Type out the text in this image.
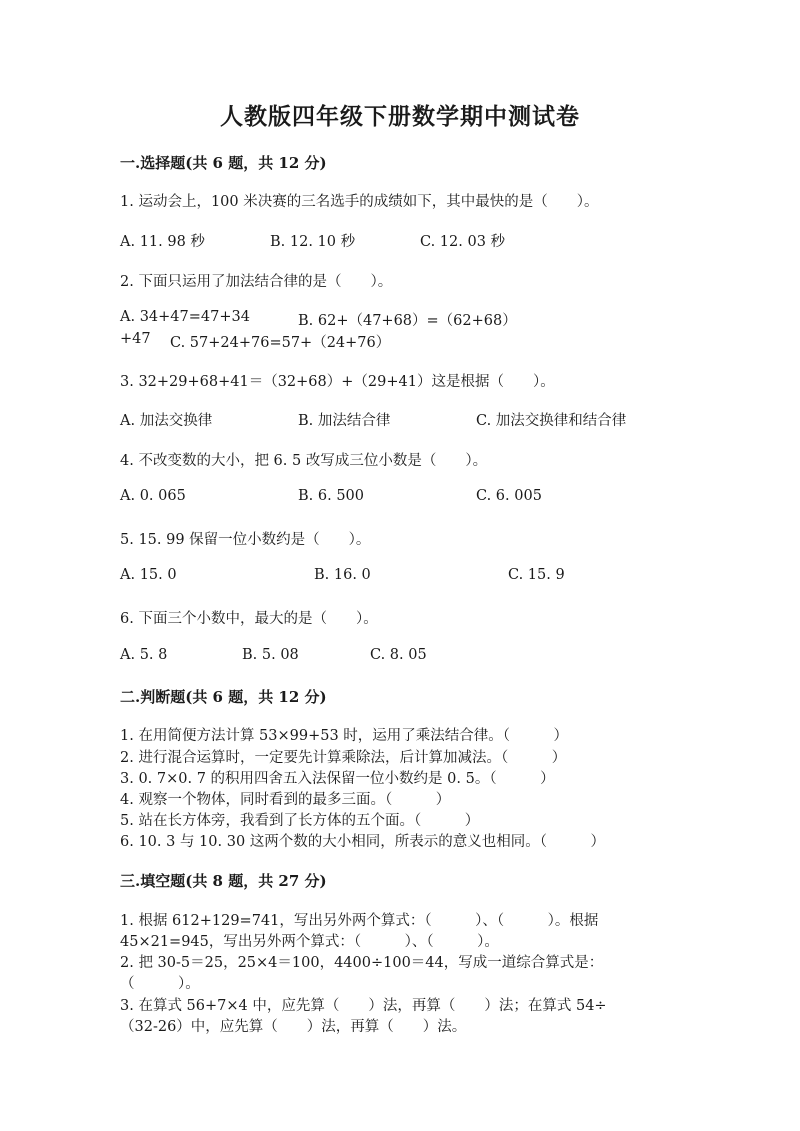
人教版四年级下册数学期中测试卷
一.选择题(共 6 题，共 12 分)
1. 运动会上，100 米决赛的三名选手的成绩如下，其中最快的是（　　）。
A. 11. 98 秒	B. 12. 10 秒	C. 12. 03 秒
2. 下面只运用了加法结合律的是（　　）。
A. 34+47=47+34	B. 62+（47+68）=（62+68）
+47 C. 57+24+76=57+（24+76）
3. 32+29+68+41＝（32+68）+（29+41）这是根据（　　）。
A. 加法交换律	B. 加法结合律	C. 加法交换律和结合律
4. 不改变数的大小，把 6. 5 改写成三位小数是（　　）。
A. 0. 065	B. 6. 500	C. 6. 005
5. 15. 99 保留一位小数约是（　　）。
A. 15. 0	B. 16. 0	C. 15. 9
6. 下面三个小数中，最大的是（　　）。
A. 5. 8	B. 5. 08	C. 8. 05
二.判断题(共 6 题，共 12 分)
1. 在用简便方法计算 53×99+53 时，运用了乘法结合律。（　　　）
2. 进行混合运算时，一定要先计算乘除法，后计算加减法。（　　　）
3. 0. 7×0. 7 的积用四舍五入法保留一位小数约是 0. 5。（　　　）
4. 观察一个物体，同时看到的最多三面。（　　　）
5. 站在长方体旁，我看到了长方体的五个面。（　　　）
6. 10. 3 与 10. 30 这两个数的大小相同，所表示的意义也相同。（　　　）
三.填空题(共 8 题，共 27 分)
1. 根据 612+129=741，写出另外两个算式：（　　　）、（　　　）。根据
45×21=945，写出另外两个算式：（　　　）、（　　　）。
2. 把 30-5＝25，25×4＝100，4400÷100＝44，写成一道综合算式是：
（　　　）。
3. 在算式 56+7×4 中，应先算（　　）法，再算（　　）法；在算式 54÷
（32-26）中，应先算（　　）法，再算（　　）法。
